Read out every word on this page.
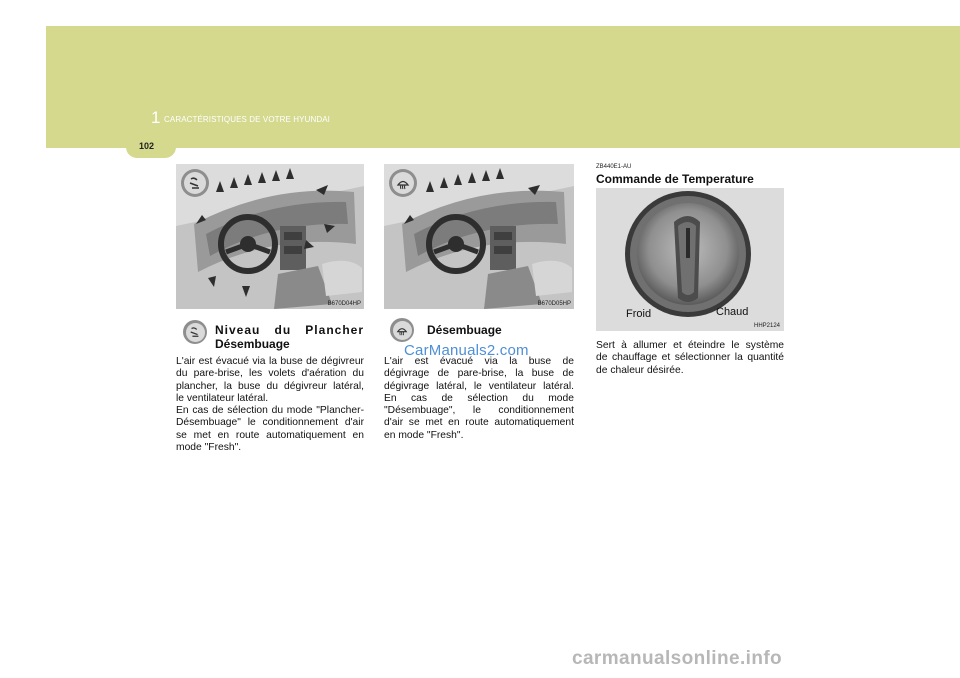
1 CARACTÉRISTIQUES DE VOTRE HYUNDAI
102
B670D04HP	B670D05HP
Froid	Chaud
HHP2124
Niveau du Plancher
Désembuage

L'air est évacué via la buse de dégivreur

du pare-brise, les volets d'aération du

plancher, la buse du dégivreur latéral,

le ventilateur latéral.

En cas de sélection du mode "Plancher-

Désembuage" le conditionnement d'air

se met en route automatiquement en

mode "Fresh".

Désembuage

L'air est évacué via la buse de

dégivrage de pare-brise, la buse de

dégivrage latéral, le ventilateur latéral.

En cas de sélection du mode

"Désembuage", le conditionnement

d'air se met en route automatiquement

en mode "Fresh".

ZB440E1-AU
Commande de Temperature

Sert à allumer et éteindre le système

de chauffage et sélectionner la quantité

de chaleur désirée.

CarManuals2.com
carmanualsonline.info
